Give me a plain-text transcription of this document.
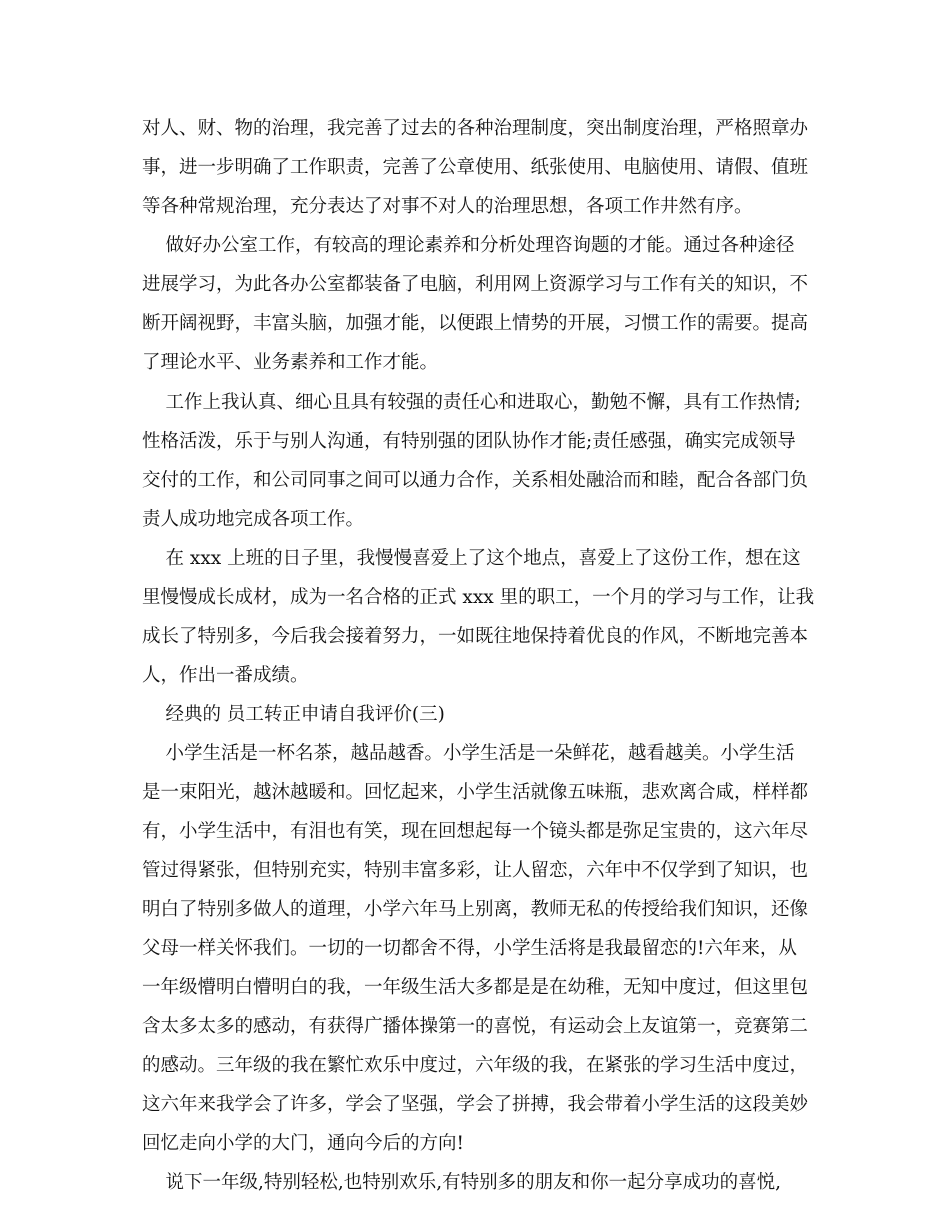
对人、财、物的治理，我完善了过去的各种治理制度，突出制度治理，严格照章办

事，进一步明确了工作职责，完善了公章使用、纸张使用、电脑使用、请假、值班

等各种常规治理，充分表达了对事不对人的治理思想，各项工作井然有序。

做好办公室工作，有较高的理论素养和分析处理咨询题的才能。通过各种途径

进展学习，为此各办公室都装备了电脑，利用网上资源学习与工作有关的知识，不

断开阔视野，丰富头脑，加强才能，以便跟上情势的开展，习惯工作的需要。提高

了理论水平、业务素养和工作才能。

工作上我认真、细心且具有较强的责任心和进取心，勤勉不懈，具有工作热情;

性格活泼，乐于与别人沟通，有特别强的团队协作才能;责任感强，确实完成领导

交付的工作，和公司同事之间可以通力合作，关系相处融洽而和睦，配合各部门负

责人成功地完成各项工作。

在 xxx 上班的日子里，我慢慢喜爱上了这个地点，喜爱上了这份工作，想在这

里慢慢成长成材，成为一名合格的正式 xxx 里的职工，一个月的学习与工作，让我

成长了特别多，今后我会接着努力，一如既往地保持着优良的作风，不断地完善本

人，作出一番成绩。

经典的 员工转正申请自我评价(三)

小学生活是一杯名茶，越品越香。小学生活是一朵鲜花，越看越美。小学生活

是一束阳光，越沐越暖和。回忆起来，小学生活就像五味瓶，悲欢离合咸，样样都

有，小学生活中，有泪也有笑，现在回想起每一个镜头都是弥足宝贵的，这六年尽

管过得紧张，但特别充实，特别丰富多彩，让人留恋，六年中不仅学到了知识，也

明白了特别多做人的道理，小学六年马上别离，教师无私的传授给我们知识，还像

父母一样关怀我们。一切的一切都舍不得，小学生活将是我最留恋的!六年来，从

一年级懵明白懵明白的我，一年级生活大多都是是在幼稚，无知中度过，但这里包

含太多太多的感动，有获得广播体操第一的喜悦，有运动会上友谊第一，竞赛第二

的感动。三年级的我在繁忙欢乐中度过，六年级的我，在紧张的学习生活中度过，

这六年来我学会了许多，学会了坚强，学会了拼搏，我会带着小学生活的这段美妙

回忆走向小学的大门，通向今后的方向!

说下一年级,特别轻松,也特别欢乐,有特别多的朋友和你一起分享成功的喜悦,
